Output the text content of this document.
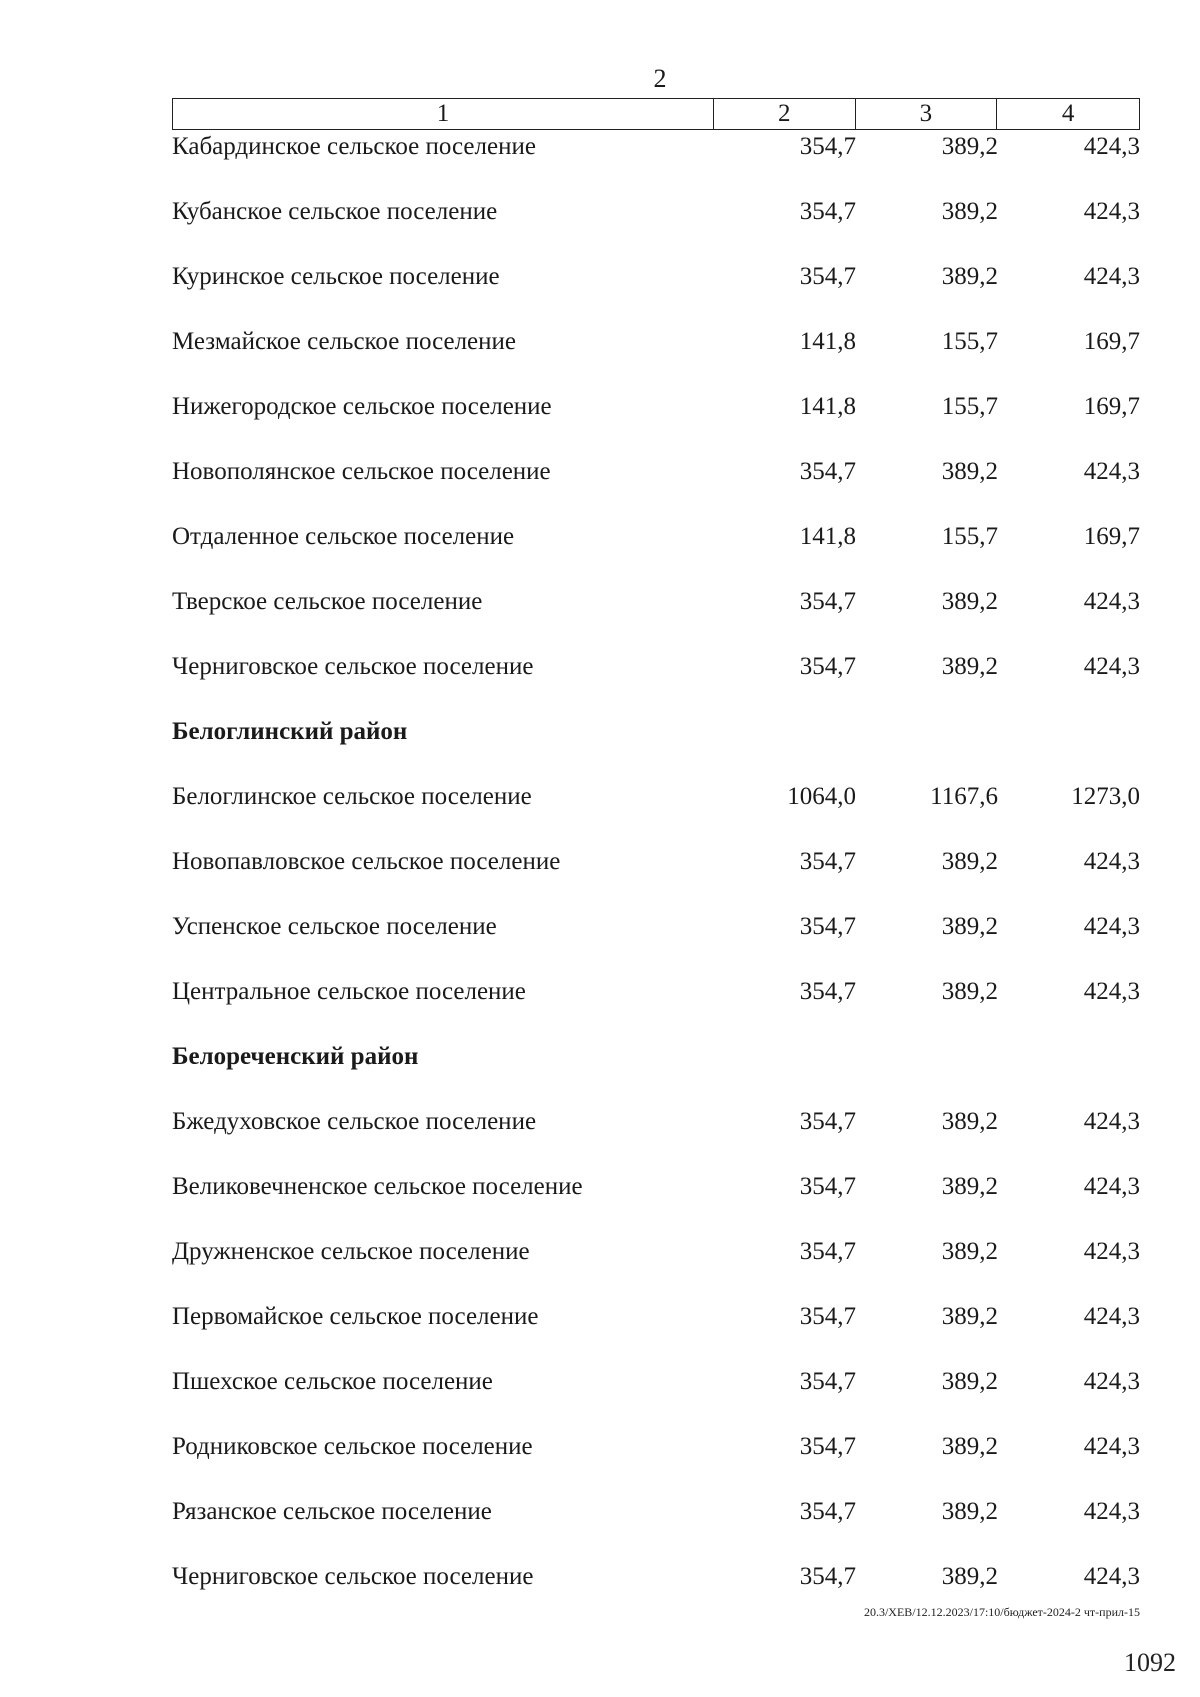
2
1	2	3	4
Кабардинское сельское поселение	354,7	389,2	424,3
Кубанское сельское поселение	354,7	389,2	424,3
Куринское сельское поселение	354,7	389,2	424,3
Мезмайское сельское поселение	141,8	155,7	169,7
Нижегородское сельское поселение	141,8	155,7	169,7
Новополянское сельское поселение	354,7	389,2	424,3
Отдаленное сельское поселение	141,8	155,7	169,7
Тверское сельское поселение	354,7	389,2	424,3
Черниговское сельское поселение	354,7	389,2	424,3
Белоглинский район
Белоглинское сельское поселение	1064,0	1167,6	1273,0
Новопавловское сельское поселение	354,7	389,2	424,3
Успенское сельское поселение	354,7	389,2	424,3
Центральное сельское поселение	354,7	389,2	424,3
Белореченский район
Бжедуховское сельское поселение	354,7	389,2	424,3
Великовечненское сельское поселение	354,7	389,2	424,3
Дружненское сельское поселение	354,7	389,2	424,3
Первомайское сельское поселение	354,7	389,2	424,3
Пшехское сельское поселение	354,7	389,2	424,3
Родниковское сельское поселение	354,7	389,2	424,3
Рязанское сельское поселение	354,7	389,2	424,3
Черниговское сельское поселение	354,7	389,2	424,3
20.3/ХЕВ/12.12.2023/17:10/бюджет-2024-2 чт-прил-15
1092
